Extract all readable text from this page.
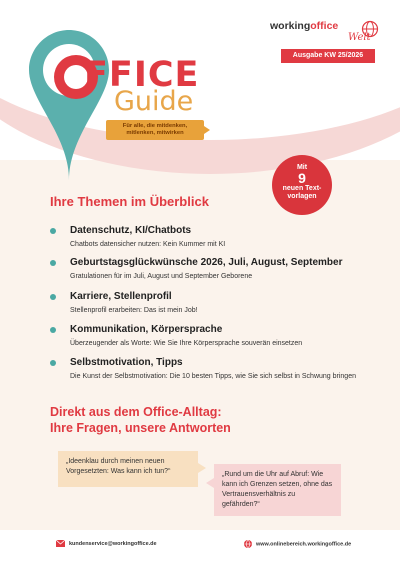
FFICE
Guide
Für alle, die mitdenken, mitlenken, mitwirken
workingoffice
Welt
Ausgabe KW 25/2026
Mit
9
neuen Text-
vorlagen
Ihre Themen im Überblick
Datenschutz, KI/Chatbots
Chatbots datensicher nutzen: Kein Kummer mit KI
Geburtstagsglückwünsche 2026, Juli, August, September
Gratulationen für im Juli, August und September Geborene
Karriere, Stellenprofil
Stellenprofil erarbeiten: Das ist mein Job!
Kommunikation, Körpersprache
Überzeugender als Worte: Wie Sie Ihre Körpersprache souverän einsetzen
Selbstmotivation, Tipps
Die Kunst der Selbstmotivation: Die 10 besten Tipps, wie Sie sich selbst in Schwung bringen
Direkt aus dem Office-Alltag:
Ihre Fragen, unsere Antworten
„Ideenklau durch meinen neuen Vorgesetzten: Was kann ich tun?“	„Rund um die Uhr auf Abruf: Wie kann ich Grenzen setzen, ohne das Vertrauensverhältnis zu gefährden?“
kundenservice@workingoffice.de	www.onlinebereich.workingoffice.de
